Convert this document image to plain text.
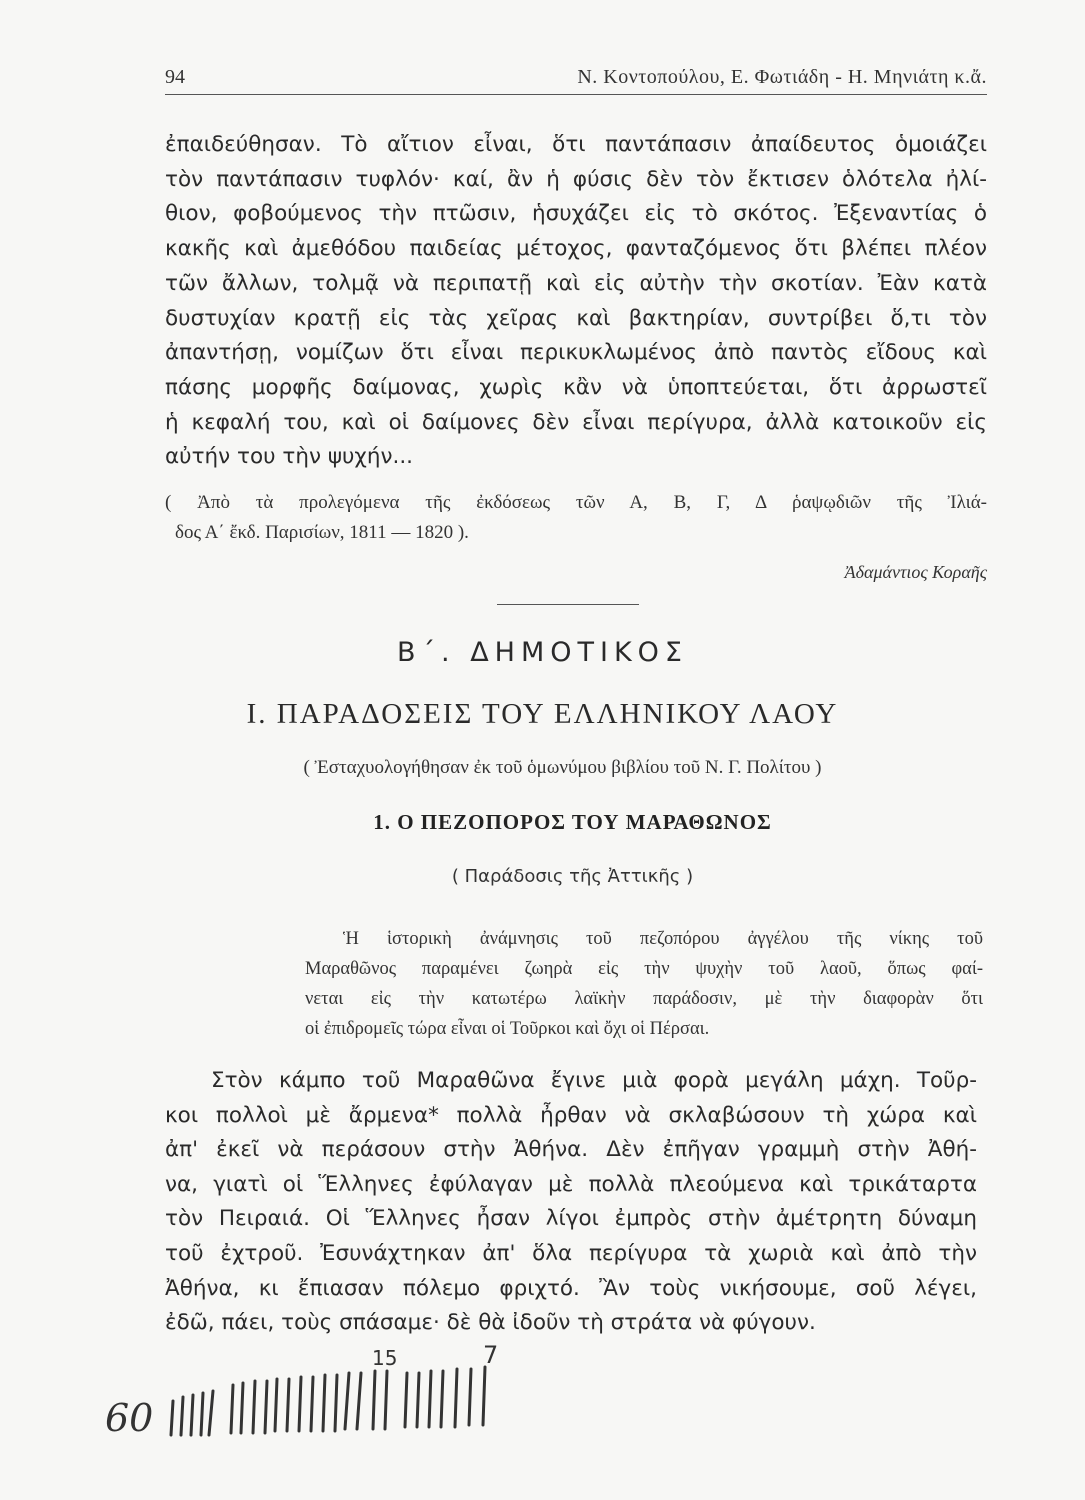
94	Ν. Κοντοπούλου, Ε. Φωτιάδη - Η. Μηνιάτη κ.ἄ.
ἐπαιδεύθησαν. Τὸ αἴτιον εἶναι, ὅτι παντάπασιν ἀπαίδευτος ὁμοιάζει
τὸν παντάπασιν τυφλόν· καί, ἂν ἡ φύσις δὲν τὸν ἔκτισεν ὁλότελα ἠλί-
θιον, φοβούμενος τὴν πτῶσιν, ἡσυχάζει εἰς τὸ σκότος. Ἐξεναντίας ὁ
κακῆς καὶ ἀμεθόδου παιδείας μέτοχος, φανταζόμενος ὅτι βλέπει πλέον
τῶν ἄλλων, τολμᾷ νὰ περιπατῇ καὶ εἰς αὐτὴν τὴν σκοτίαν. Ἐὰν κατὰ
δυστυχίαν κρατῇ εἰς τὰς χεῖρας καὶ βακτηρίαν, συντρίβει ὅ,τι τὸν
ἀπαντήσῃ, νομίζων ὅτι εἶναι περικυκλωμένος ἀπὸ παντὸς εἴδους καὶ
πάσης μορφῆς δαίμονας, χωρὶς κἂν νὰ ὑποπτεύεται, ὅτι ἀρρωστεῖ
ἡ κεφαλή του, καὶ οἱ δαίμονες δὲν εἶναι περίγυρα, ἀλλὰ κατοικοῦν εἰς
αὐτήν του τὴν ψυχήν...
( Ἀπὸ τὰ προλεγόμενα τῆς ἐκδόσεως τῶν Α, Β, Γ, Δ ῥαψῳδιῶν τῆς Ἰλιά-
δος Α΄ ἔκδ. Παρισίων, 1811 — 1820 ).
Ἀδαμάντιος Κοραῆς
Β΄. ΔΗΜΟΤΙΚΟΣ
Ι. ΠΑΡΑΔΟΣΕΙΣ ΤΟΥ ΕΛΛΗΝΙΚΟΥ ΛΑΟΥ
( Ἐσταχυολογήθησαν ἐκ τοῦ ὁμωνύμου βιβλίου τοῦ Ν. Γ. Πολίτου )
1. Ο ΠΕΖΟΠΟΡΟΣ ΤΟΥ ΜΑΡΑΘΩΝΟΣ
( Παράδοσις τῆς Ἀττικῆς )
Ἡ ἱστορικὴ ἀνάμνησις τοῦ πεζοπόρου ἀγγέλου τῆς νίκης τοῦ
Μαραθῶνος παραμένει ζωηρὰ εἰς τὴν ψυχὴν τοῦ λαοῦ, ὅπως φαί-
νεται εἰς τὴν κατωτέρω λαϊκὴν παράδοσιν, μὲ τὴν διαφορὰν ὅτι
οἱ ἐπιδρομεῖς τώρα εἶναι οἱ Τοῦρκοι καὶ ὄχι οἱ Πέρσαι.
Στὸν κάμπο τοῦ Μαραθῶνα ἔγινε μιὰ φορὰ μεγάλη μάχη. Τοῦρ-
κοι πολλοὶ μὲ ἄρμενα* πολλὰ ἦρθαν νὰ σκλαβώσουν τὴ χώρα καὶ
ἀπ' ἐκεῖ νὰ περάσουν στὴν Ἀθήνα. Δὲν ἐπῆγαν γραμμὴ στὴν Ἀθή-
να, γιατὶ οἱ Ἕλληνες ἐφύλαγαν μὲ πολλὰ πλεούμενα καὶ τρικάταρτα
τὸν Πειραιά. Οἱ Ἕλληνες ἦσαν λίγοι ἐμπρὸς στὴν ἀμέτρητη δύναμη
τοῦ ἐχτροῦ. Ἐσυνάχτηκαν ἀπ' ὅλα περίγυρα τὰ χωριὰ καὶ ἀπὸ τὴν
Ἀθήνα, κι ἔπιασαν πόλεμο φριχτό. Ἂν τοὺς νικήσουμε, σοῦ λέγει,
ἐδῶ, πάει, τοὺς σπάσαμε· δὲ θὰ ἰδοῦν τὴ στράτα νὰ φύγουν.
60
15	7
